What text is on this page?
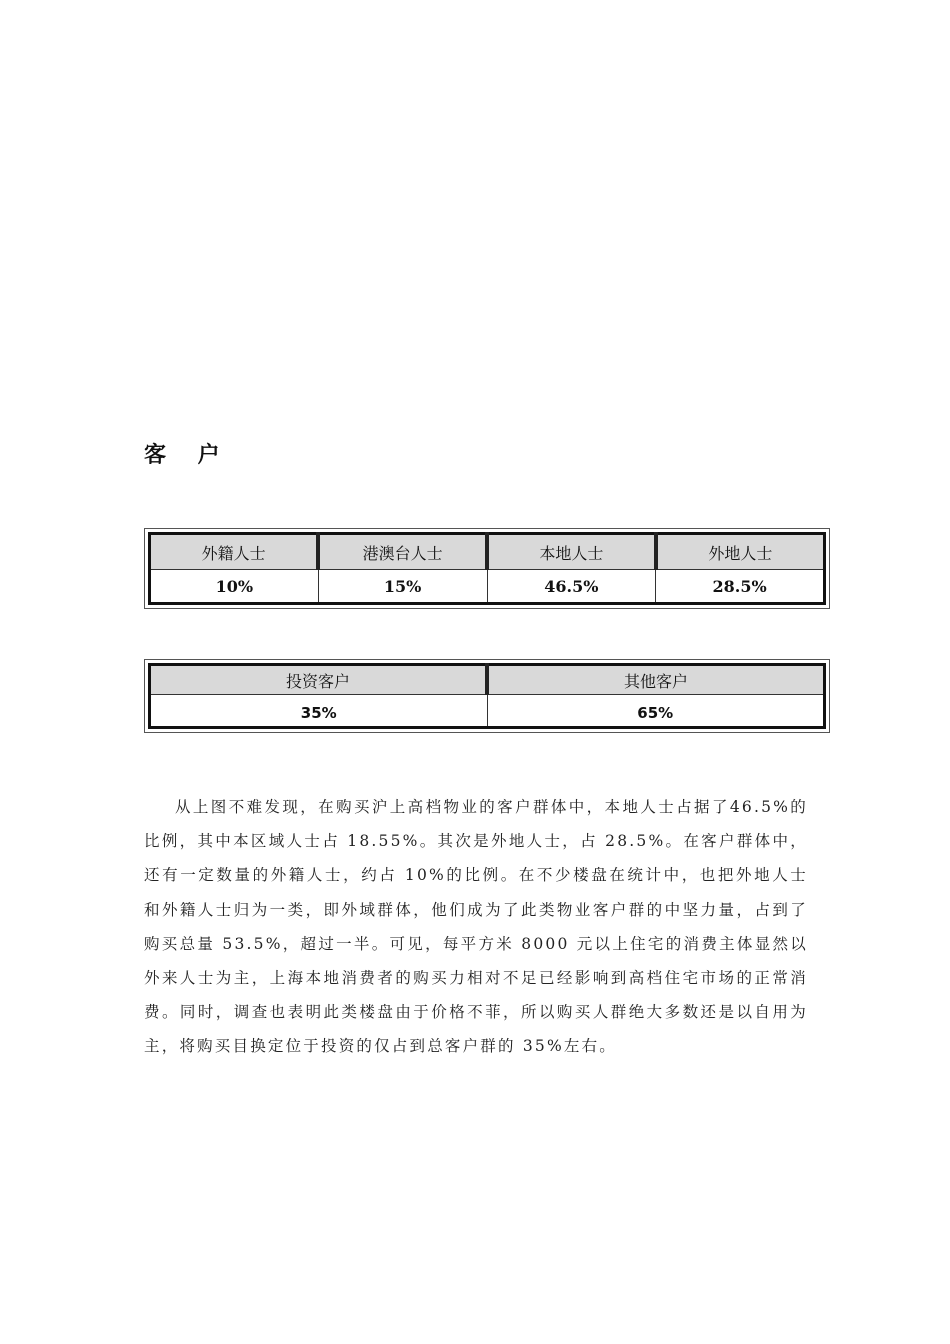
客 户
外籍人士	港澳台人士	本地人士	外地人士
10%	15%	46.5%	28.5%
投资客户	其他客户
35%	65%

从上图不难发现，在购买沪上高档物业的客户群体中，本地人士占据了46.5%的比例，其中本区域人士占 18.55%。其次是外地人士，占 28.5%。在客户群体中，还有一定数量的外籍人士，约占 10%的比例。在不少楼盘在统计中，也把外地人士和外籍人士归为一类，即外域群体，他们成为了此类物业客户群的中坚力量，占到了购买总量 53.5%，超过一半。可见，每平方米 8000 元以上住宅的消费主体显然以外来人士为主，上海本地消费者的购买力相对不足已经影响到高档住宅市场的正常消费。同时，调查也表明此类楼盘由于价格不菲，所以购买人群绝大多数还是以自用为主，将购买目换定位于投资的仅占到总客户群的 35%左右。
